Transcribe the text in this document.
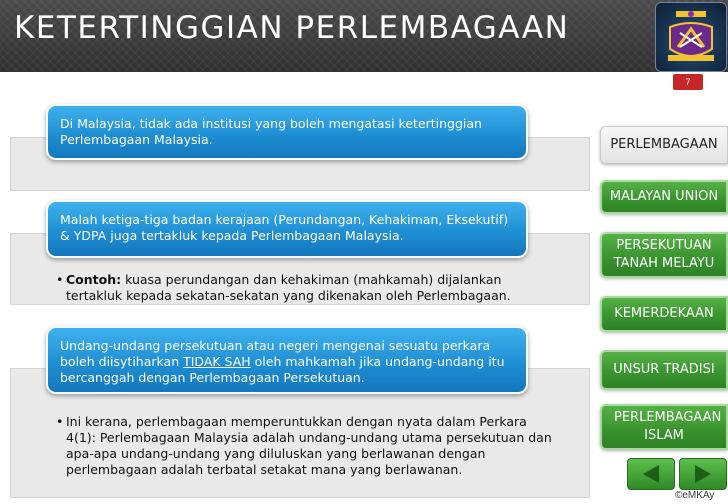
KETERTINGGIAN PERLEMBAGAAN
7
Di Malaysia, tidak ada institusi yang boleh mengatasi ketertinggian Perlembagaan Malaysia.
Malah ketiga-tiga badan kerajaan (Perundangan, Kehakiman, Eksekutif) & YDPA juga tertakluk kepada Perlembagaan Malaysia.
• Contoh: kuasa perundangan dan kehakiman (mahkamah) dijalankan tertakluk kepada sekatan-sekatan yang dikenakan oleh Perlembagaan.
Undang-undang persekutuan atau negeri mengenai sesuatu perkara boleh diisytiharkan TIDAK SAH oleh mahkamah jika undang-undang itu bercanggah dengan Perlembagaan Persekutuan.
• Ini kerana, perlembagaan memperuntukkan dengan nyata dalam Perkara 4(1): Perlembagaan Malaysia adalah undang-undang utama persekutuan dan apa-apa undang-undang yang diluluskan yang berlawanan dengan perlembagaan adalah terbatal setakat mana yang berlawanan.
PERLEMBAGAAN
MALAYAN UNION
PERSEKUTUAN TANAH MELAYU
KEMERDEKAAN
UNSUR TRADISI
PERLEMBAGAAN ISLAM
©eMKAy
